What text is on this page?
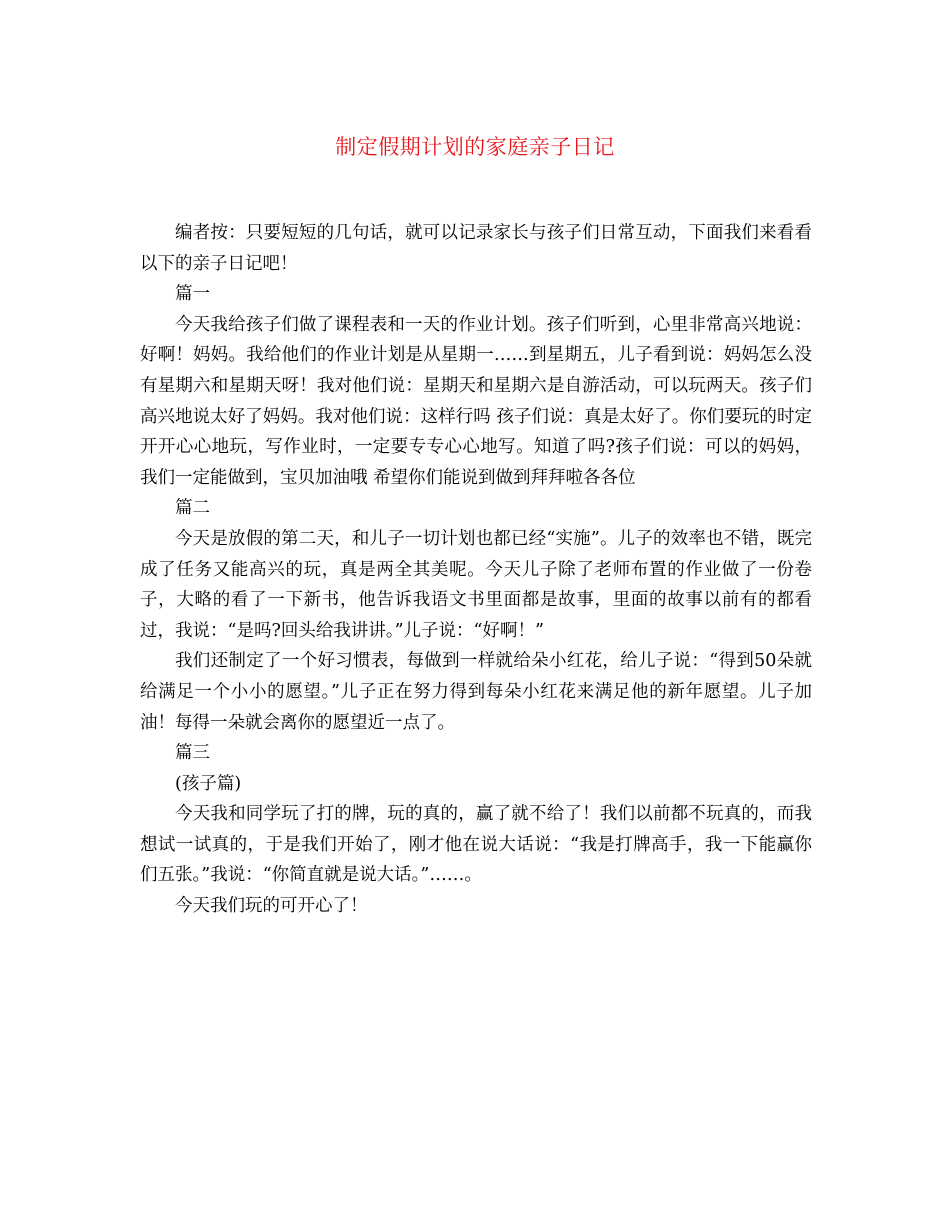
制定假期计划的家庭亲子日记

编者按：只要短短的几句话，就可以记录家长与孩子们日常互动，下面我们来看看以下的亲子日记吧！

篇一

今天我给孩子们做了课程表和一天的作业计划。孩子们听到，心里非常高兴地说：好啊！妈妈。我给他们的作业计划是从星期一……到星期五，儿子看到说：妈妈怎么没有星期六和星期天呀！我对他们说：星期天和星期六是自游活动，可以玩两天。孩子们高兴地说太好了妈妈。我对他们说：这样行吗 孩子们说：真是太好了。你们要玩的时定开开心心地玩，写作业时，一定要专专心心地写。知道了吗?孩子们说：可以的妈妈，我们一定能做到，宝贝加油哦 希望你们能说到做到拜拜啦各各位

篇二

今天是放假的第二天，和儿子一切计划也都已经“实施”。儿子的效率也不错，既完成了任务又能高兴的玩，真是两全其美呢。今天儿子除了老师布置的作业做了一份卷子，大略的看了一下新书，他告诉我语文书里面都是故事，里面的故事以前有的都看过，我说：“是吗?回头给我讲讲。”儿子说：“好啊！”

我们还制定了一个好习惯表，每做到一样就给朵小红花，给儿子说：“得到50朵就给满足一个小小的愿望。”儿子正在努力得到每朵小红花来满足他的新年愿望。儿子加油！每得一朵就会离你的愿望近一点了。

篇三

(孩子篇)

今天我和同学玩了打的牌，玩的真的，赢了就不给了！我们以前都不玩真的，而我想试一试真的，于是我们开始了，刚才他在说大话说：“我是打牌高手，我一下能赢你们五张。”我说：“你简直就是说大话。”……。

今天我们玩的可开心了！
